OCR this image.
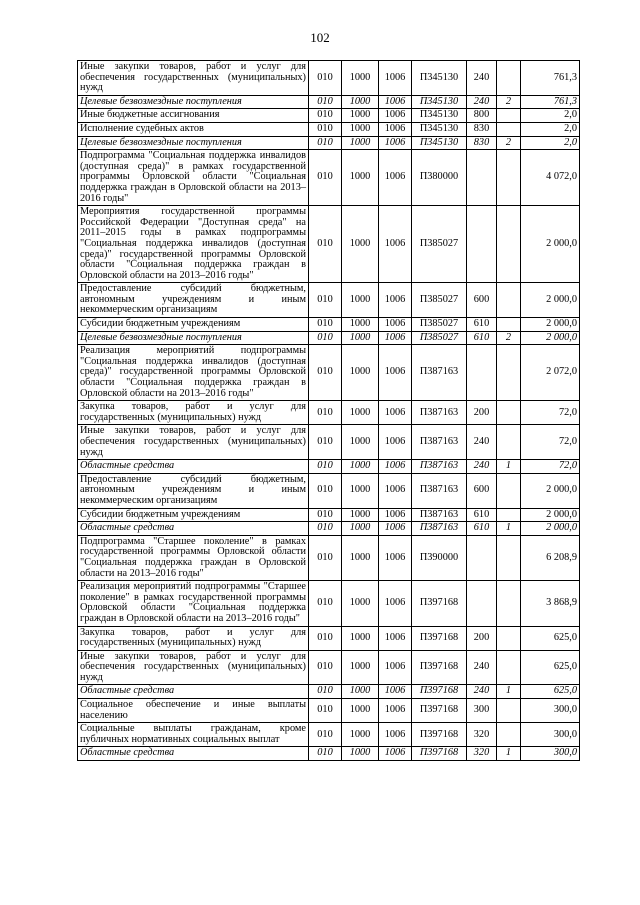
102
Иные закупки товаров, работ и услуг для обеспечения государственных (муниципальных) нужд	010	1000	1006	П345130	240		761,3
Целевые безвозмездные поступления	010	1000	1006	П345130	240	2	761,3
Иные бюджетные ассигнования	010	1000	1006	П345130	800		2,0
Исполнение судебных актов	010	1000	1006	П345130	830		2,0
Целевые безвозмездные поступления	010	1000	1006	П345130	830	2	2,0
Подпрограмма "Социальная поддержка инвалидов (доступная среда)" в рамках государственной программы Орловской области "Социальная поддержка граждан в Орловской области на 2013–2016 годы"	010	1000	1006	П380000			4 072,0
Мероприятия государственной программы Российской Федерации "Доступная среда" на 2011–2015 годы в рамках подпрограммы "Социальная поддержка инвалидов (доступная среда)" государственной программы Орловской области "Социальная поддержка граждан в Орловской области на 2013–2016 годы"	010	1000	1006	П385027			2 000,0
Предоставление субсидий бюджетным, автономным учреждениям и иным некоммерческим организациям	010	1000	1006	П385027	600		2 000,0
Субсидии бюджетным учреждениям	010	1000	1006	П385027	610		2 000,0
Целевые безвозмездные поступления	010	1000	1006	П385027	610	2	2 000,0
Реализация мероприятий подпрограммы "Социальная поддержка инвалидов (доступная среда)" государственной программы Орловской области "Социальная поддержка граждан в Орловской области на 2013–2016 годы"	010	1000	1006	П387163			2 072,0
Закупка товаров, работ и услуг для государственных (муниципальных) нужд	010	1000	1006	П387163	200		72,0
Иные закупки товаров, работ и услуг для обеспечения государственных (муниципальных) нужд	010	1000	1006	П387163	240		72,0
Областные средства	010	1000	1006	П387163	240	1	72,0
Предоставление субсидий бюджетным, автономным учреждениям и иным некоммерческим организациям	010	1000	1006	П387163	600		2 000,0
Субсидии бюджетным учреждениям	010	1000	1006	П387163	610		2 000,0
Областные средства	010	1000	1006	П387163	610	1	2 000,0
Подпрограмма "Старшее поколение" в рамках государственной программы Орловской области "Социальная поддержка граждан в Орловской области на 2013–2016 годы"	010	1000	1006	П390000			6 208,9
Реализация мероприятий подпрограммы "Старшее поколение" в рамках государственной программы Орловской области "Социальная поддержка граждан в Орловской области на 2013–2016 годы"	010	1000	1006	П397168			3 868,9
Закупка товаров, работ и услуг для государственных (муниципальных) нужд	010	1000	1006	П397168	200		625,0
Иные закупки товаров, работ и услуг для обеспечения государственных (муниципальных) нужд	010	1000	1006	П397168	240		625,0
Областные средства	010	1000	1006	П397168	240	1	625,0
Социальное обеспечение и иные выплаты населению	010	1000	1006	П397168	300		300,0
Социальные выплаты гражданам, кроме публичных нормативных социальных выплат	010	1000	1006	П397168	320		300,0
Областные средства	010	1000	1006	П397168	320	1	300,0
